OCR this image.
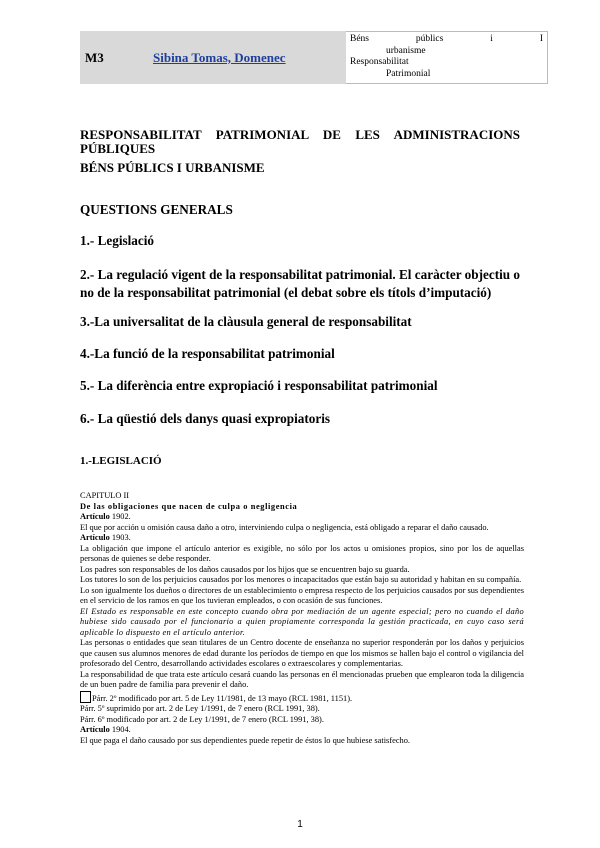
M3	Sibina Tomas, Domenec
Béns	públics	i	I
urbanisme
Responsabilitat
Patrimonial

RESPONSABILITAT PATRIMONIAL DE LES ADMINISTRACIONS

PÚBLIQUES

BÉNS PÚBLICS I URBANISME

QUESTIONS GENERALS

1.- Legislació

2.- La regulació vigent de la responsabilitat patrimonial. El caràcter objectiu o no de la responsabilitat patrimonial (el debat sobre els títols d’imputació)

3.-La universalitat de la clàusula general de responsabilitat

4.-La funció de la responsabilitat patrimonial

5.- La diferència entre expropiació i responsabilitat patrimonial

6.- La qüestió dels danys quasi expropiatoris

1.-LEGISLACIÓ

CAPITULO II

De las obligaciones que nacen de culpa o negligencia

Artículo 1902.

El que por acción u omisión causa daño a otro, interviniendo culpa o negligencia, está obligado a reparar el daño causado.

Artículo 1903.

La obligación que impone el artículo anterior es exigible, no sólo por los actos u omisiones propios, sino por los de aquellas personas de quienes se debe responder.

Los padres son responsables de los daños causados por los hijos que se encuentren bajo su guarda.

Los tutores lo son de los perjuicios causados por los menores o incapacitados que están bajo su autoridad y habitan en su compañía.

Lo son igualmente los dueños o directores de un establecimiento o empresa respecto de los perjuicios causados por sus dependientes en el servicio de los ramos en que los tuvieran empleados, o con ocasión de sus funciones.

El Estado es responsable en este concepto cuando obra por mediación de un agente especial; pero no cuando el daño hubiese sido causado por el funcionario a quien propiamente corresponda la gestión practicada, en cuyo caso será aplicable lo dispuesto en el artículo anterior.

Las personas o entidades que sean titulares de un Centro docente de enseñanza no superior responderán por los daños y perjuicios que causen sus alumnos menores de edad durante los períodos de tiempo en que los mismos se hallen bajo el control o vigilancia del profesorado del Centro, desarrollando actividades escolares o extraescolares y complementarias.

La responsabilidad de que trata este artículo cesará cuando las personas en él mencionadas prueben que emplearon toda la diligencia de un buen padre de familia para prevenir el daño.

Párr. 2º modificado por art. 5 de Ley 11/1981, de 13 mayo (RCL 1981, 1151).

Párr. 5º suprimido por art. 2 de Ley 1/1991, de 7 enero (RCL 1991, 38).

Párr. 6º modificado por art. 2 de Ley 1/1991, de 7 enero (RCL 1991, 38).

Artículo 1904.

El que paga el daño causado por sus dependientes puede repetir de éstos lo que hubiese satisfecho.

1
